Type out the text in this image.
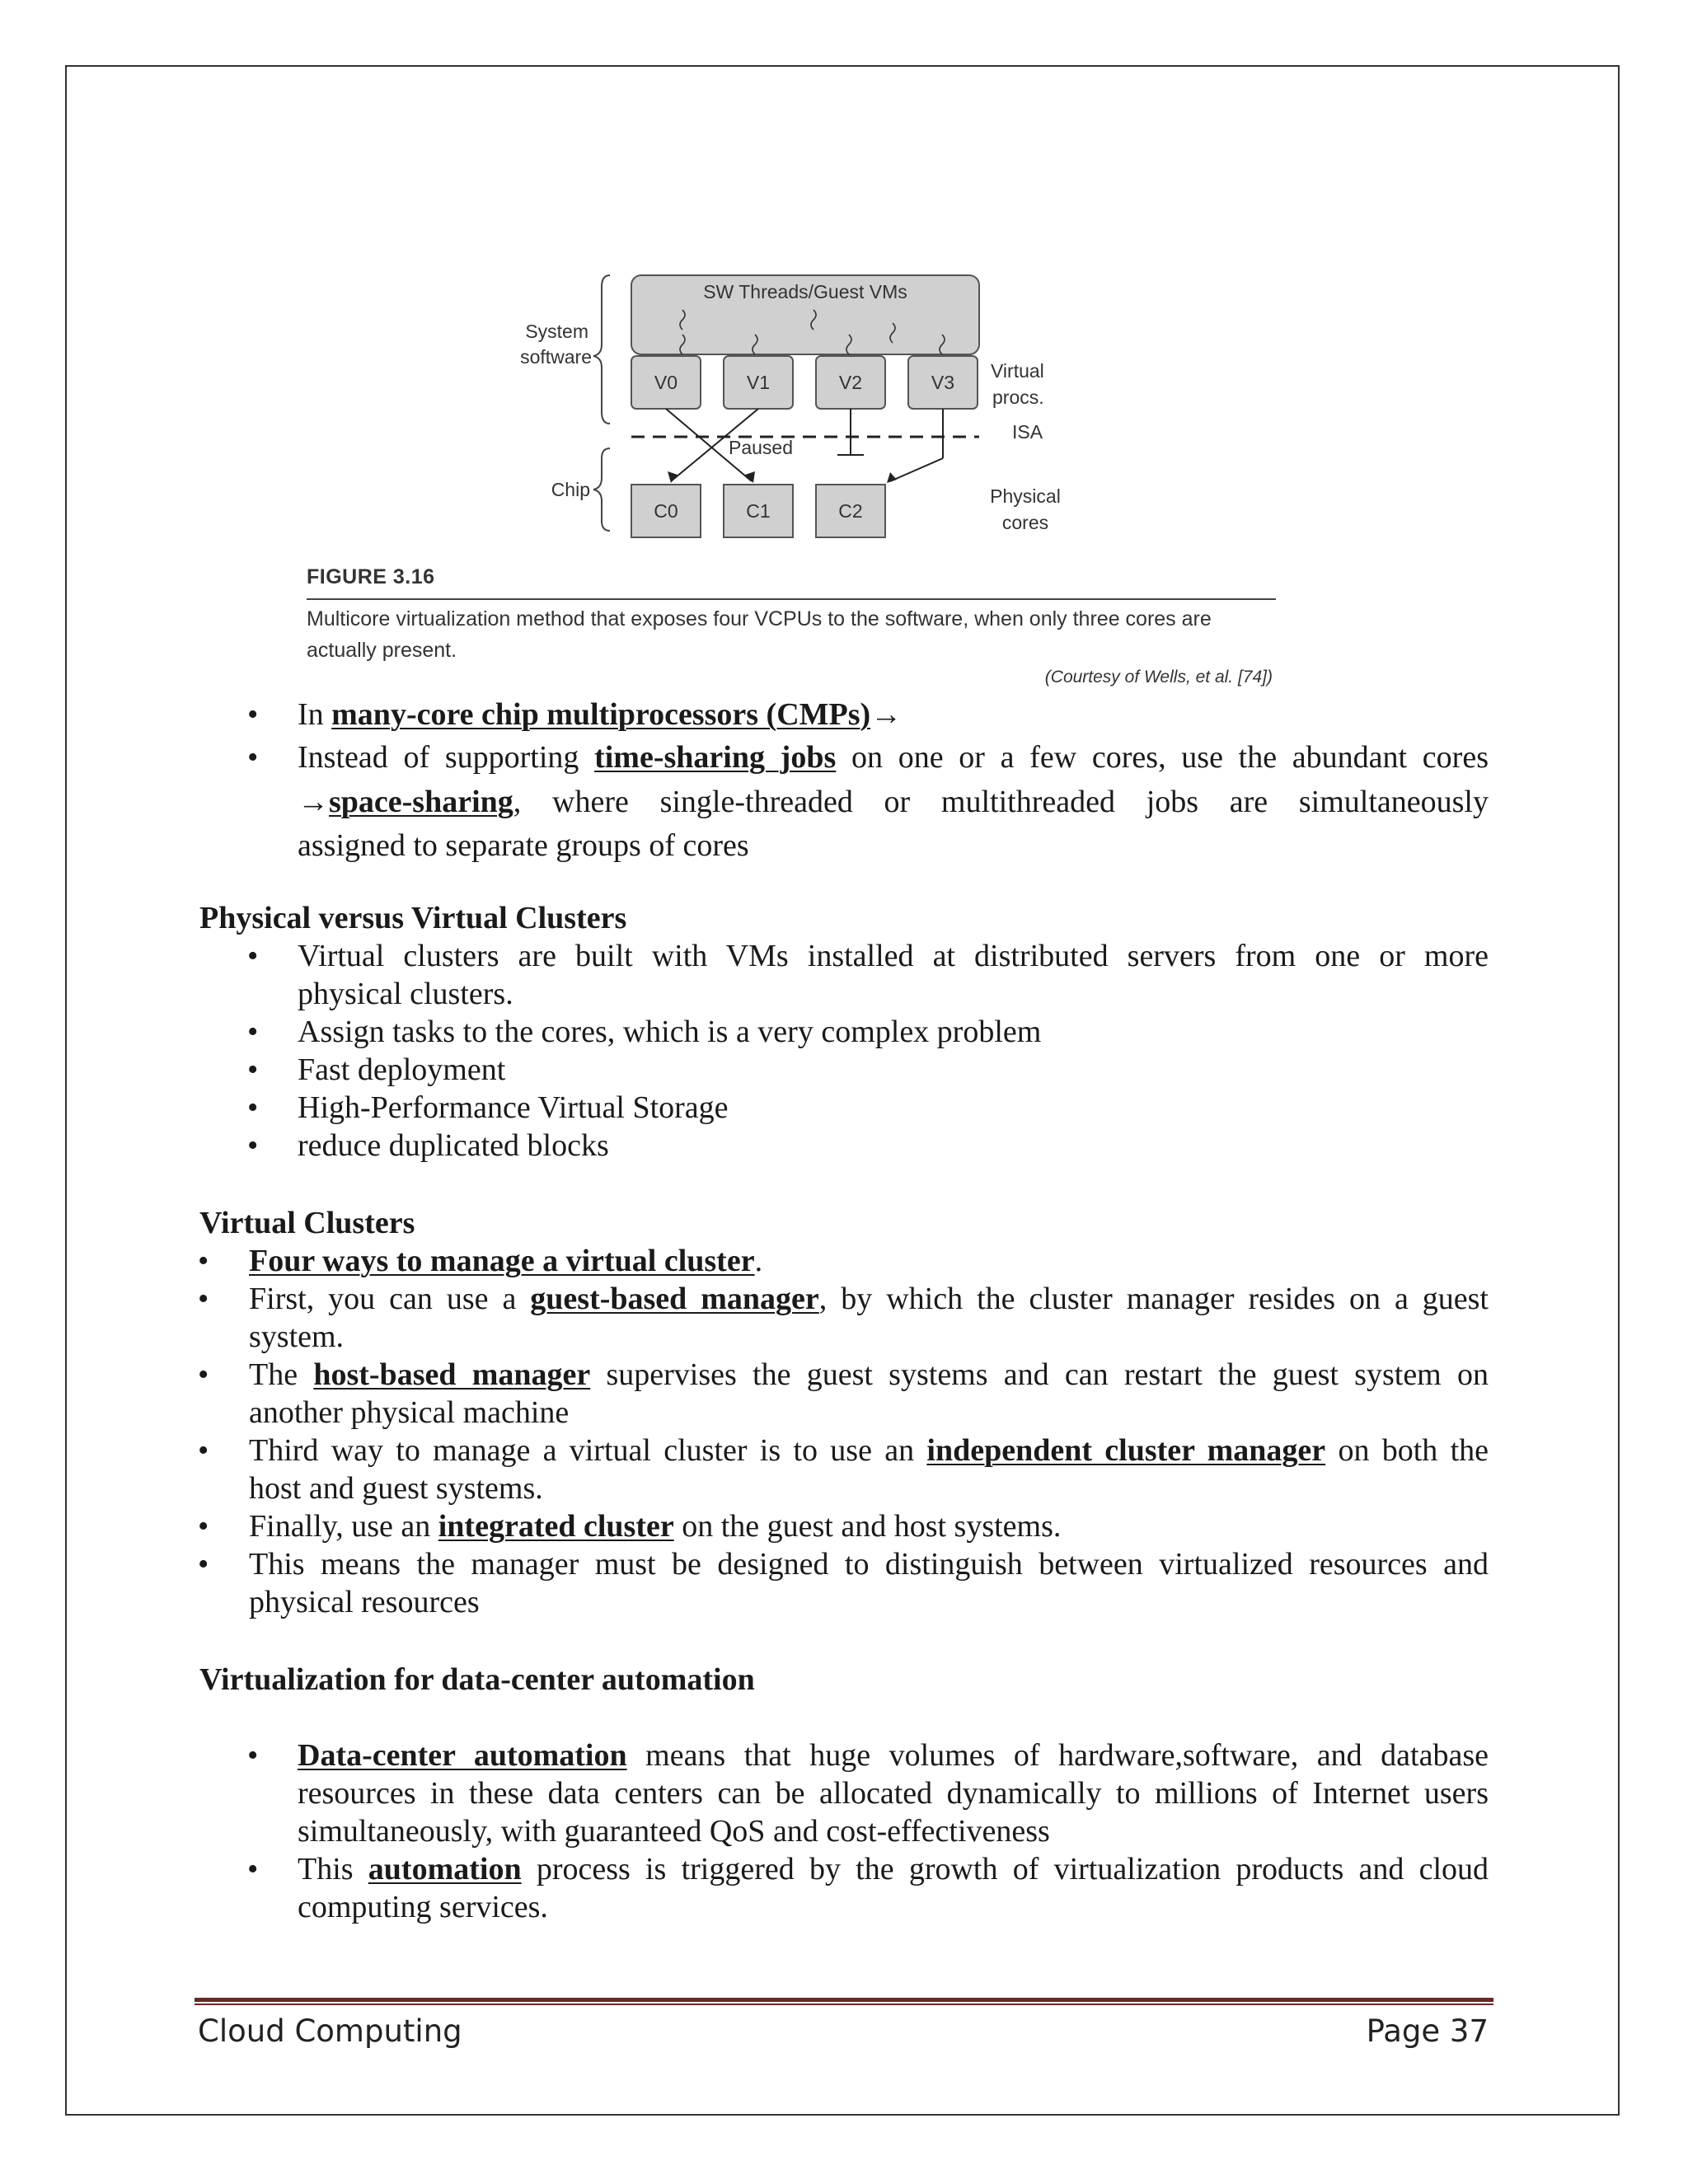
System
software
SW Threads/Guest VMs
V0	V1	V2	V3
Virtual
procs.
ISA
Chip
Paused
C0	C1	C2
Physical
cores
FIGURE 3.16
Multicore virtualization method that exposes four VCPUs to the software, when only three cores are actually present.
(Courtesy of Wells, et al. [74])
• In many-core chip multiprocessors (CMPs)→
• Instead of supporting time-sharing jobs on one or a few cores, use the abundant cores
→space-sharing, where single-threaded or multithreaded jobs are simultaneously
assigned to separate groups of cores
Physical versus Virtual Clusters
• Virtual clusters are built with VMs installed at distributed servers from one or more
physical clusters.
• Assign tasks to the cores, which is a very complex problem
• Fast deployment
• High-Performance Virtual Storage
• reduce duplicated blocks
Virtual Clusters
• Four ways to manage a virtual cluster.
• First, you can use a guest-based manager, by which the cluster manager resides on a guest
system.
• The host-based manager supervises the guest systems and can restart the guest system on
another physical machine
• Third way to manage a virtual cluster is to use an independent cluster manager on both the
host and guest systems.
• Finally, use an integrated cluster on the guest and host systems.
• This means the manager must be designed to distinguish between virtualized resources and
physical resources
Virtualization for data-center automation
• Data-center automation means that huge volumes of hardware,software, and database
resources in these data centers can be allocated dynamically to millions of Internet users
simultaneously, with guaranteed QoS and cost-effectiveness
• This automation process is triggered by the growth of virtualization products and cloud
computing services.
Cloud Computing	Page 37
